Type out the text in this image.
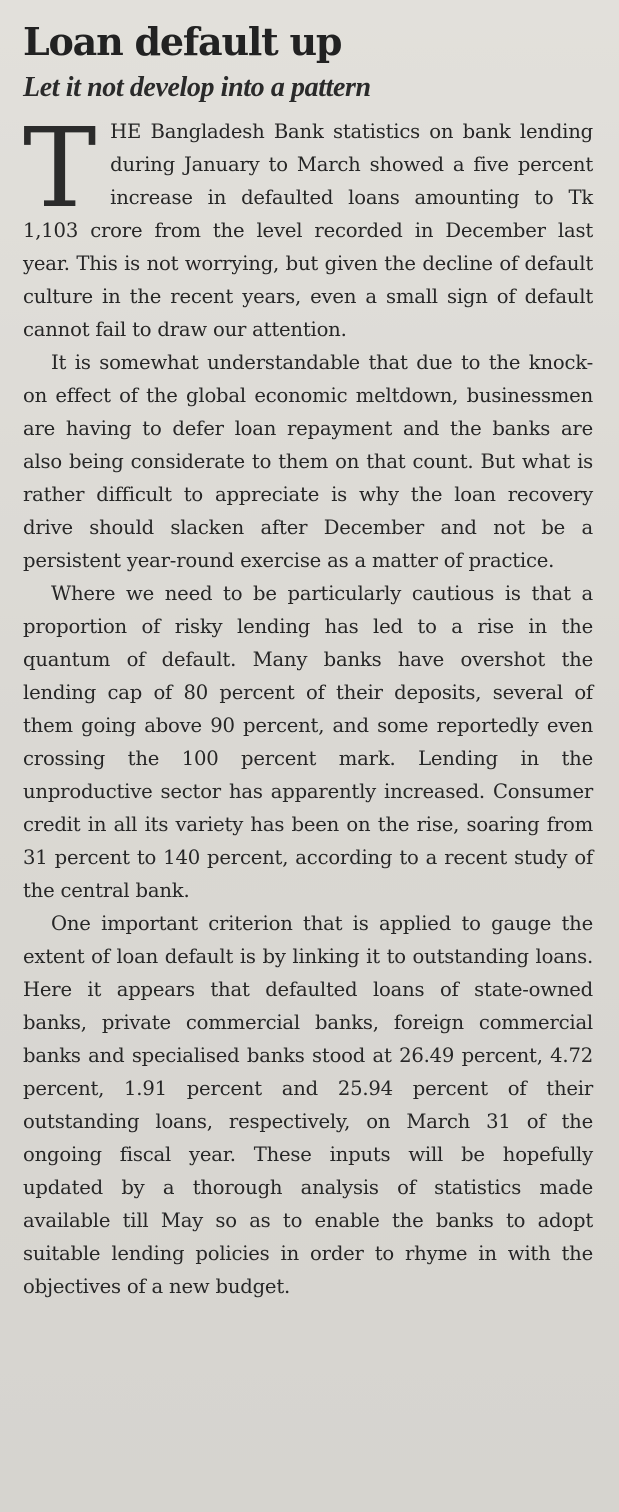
Loan default up
Let it not develop into a pattern

THE Bangladesh Bank statistics on bank lending during January to March showed a five percent increase in defaulted loans amounting to Tk 1,103 crore from the level recorded in December last year. This is not worrying, but given the decline of default culture in the recent years, even a small sign of default cannot fail to draw our attention.

It is somewhat understandable that due to the knock-on effect of the global economic meltdown, businessmen are having to defer loan repayment and the banks are also being considerate to them on that count. But what is rather difficult to appreciate is why the loan recovery drive should slacken after December and not be a persistent year-round exercise as a matter of practice.

Where we need to be particularly cautious is that a proportion of risky lending has led to a rise in the quantum of default. Many banks have overshot the lending cap of 80 percent of their deposits, several of them going above 90 percent, and some reportedly even crossing the 100 percent mark. Lending in the unproductive sector has apparently increased. Consumer credit in all its variety has been on the rise, soaring from 31 percent to 140 percent, according to a recent study of the central bank.

One important criterion that is applied to gauge the extent of loan default is by linking it to outstanding loans. Here it appears that defaulted loans of state-owned banks, private commercial banks, foreign commercial banks and specialised banks stood at 26.49 percent, 4.72 percent, 1.91 percent and 25.94 percent of their outstanding loans, respectively, on March 31 of the ongoing fiscal year. These inputs will be hopefully updated by a thorough analysis of statistics made available till May so as to enable the banks to adopt suitable lending policies in order to rhyme in with the objectives of a new budget.
